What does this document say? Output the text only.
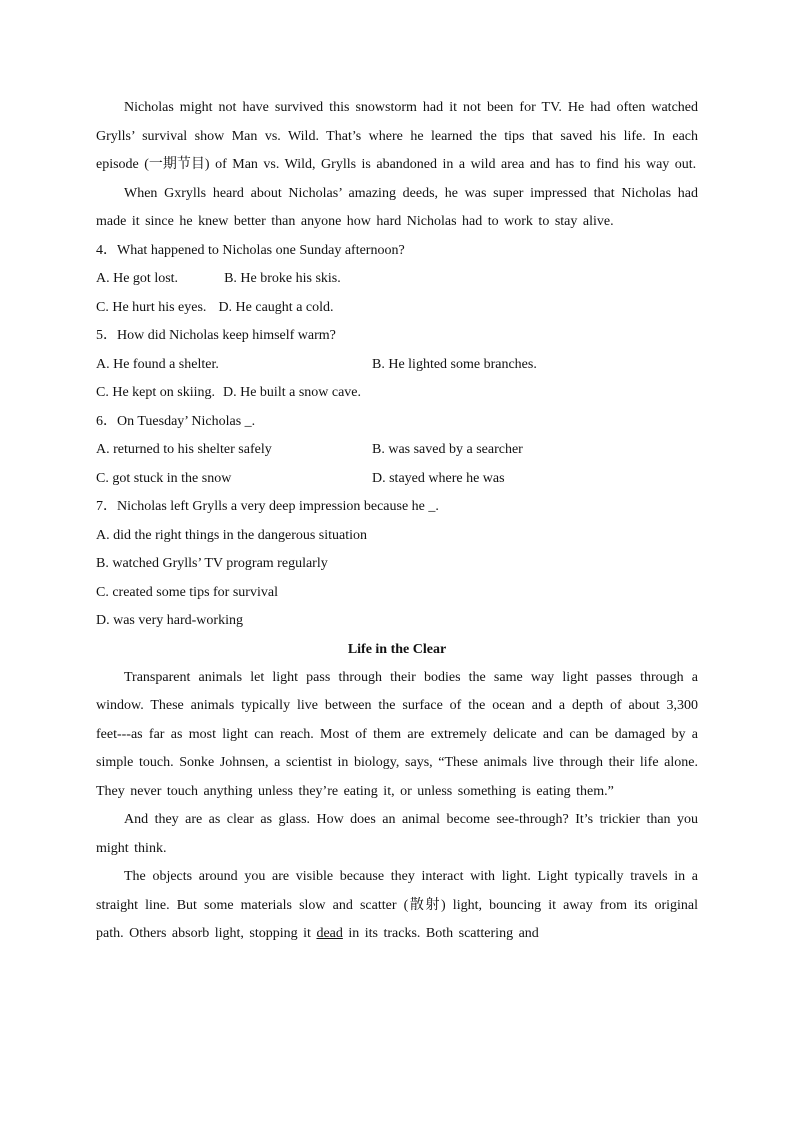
Nicholas might not have survived this snowstorm had it not been for TV. He had often watched Grylls’ survival show Man vs. Wild. That’s where he learned the tips that saved his life. In each episode (一期节目) of Man vs. Wild, Grylls is abandoned in a wild area and has to find his way out.

When Gxrylls heard about Nicholas’ amazing deeds, he was super impressed that Nicholas had made it since he knew better than anyone how hard Nicholas had to work to stay alive.

4．What happened to Nicholas one Sunday afternoon?

A. He got lost.	B. He broke his skis.
C. He hurt his eyes. D. He caught a cold.

5．How did Nicholas keep himself warm?

A. He found a shelter.	B. He lighted some branches.
C. He kept on skiing. D. He built a snow cave.

6．On Tuesday’ Nicholas _.

A. returned to his shelter safely	B. was saved by a searcher
C. got stuck in the snow	D. stayed where he was

7．Nicholas left Grylls a very deep impression because he _.

A. did the right things in the dangerous situation

B. watched Grylls’ TV program regularly

C. created some tips for survival

D. was very hard-working

Life in the Clear

Transparent animals let light pass through their bodies the same way light passes through a window. These animals typically live between the surface of the ocean and a depth of about 3,300 feet---as far as most light can reach. Most of them are extremely delicate and can be damaged by a simple touch. Sonke Johnsen, a scientist in biology, says, “These animals live through their life alone. They never touch anything unless they’re eating it, or unless something is eating them.”

And they are as clear as glass. How does an animal become see-through? It’s trickier than you might think.

The objects around you are visible because they interact with light. Light typically travels in a straight line. But some materials slow and scatter (散射) light, bouncing it away from its original path. Others absorb light, stopping it dead in its tracks. Both scattering and
